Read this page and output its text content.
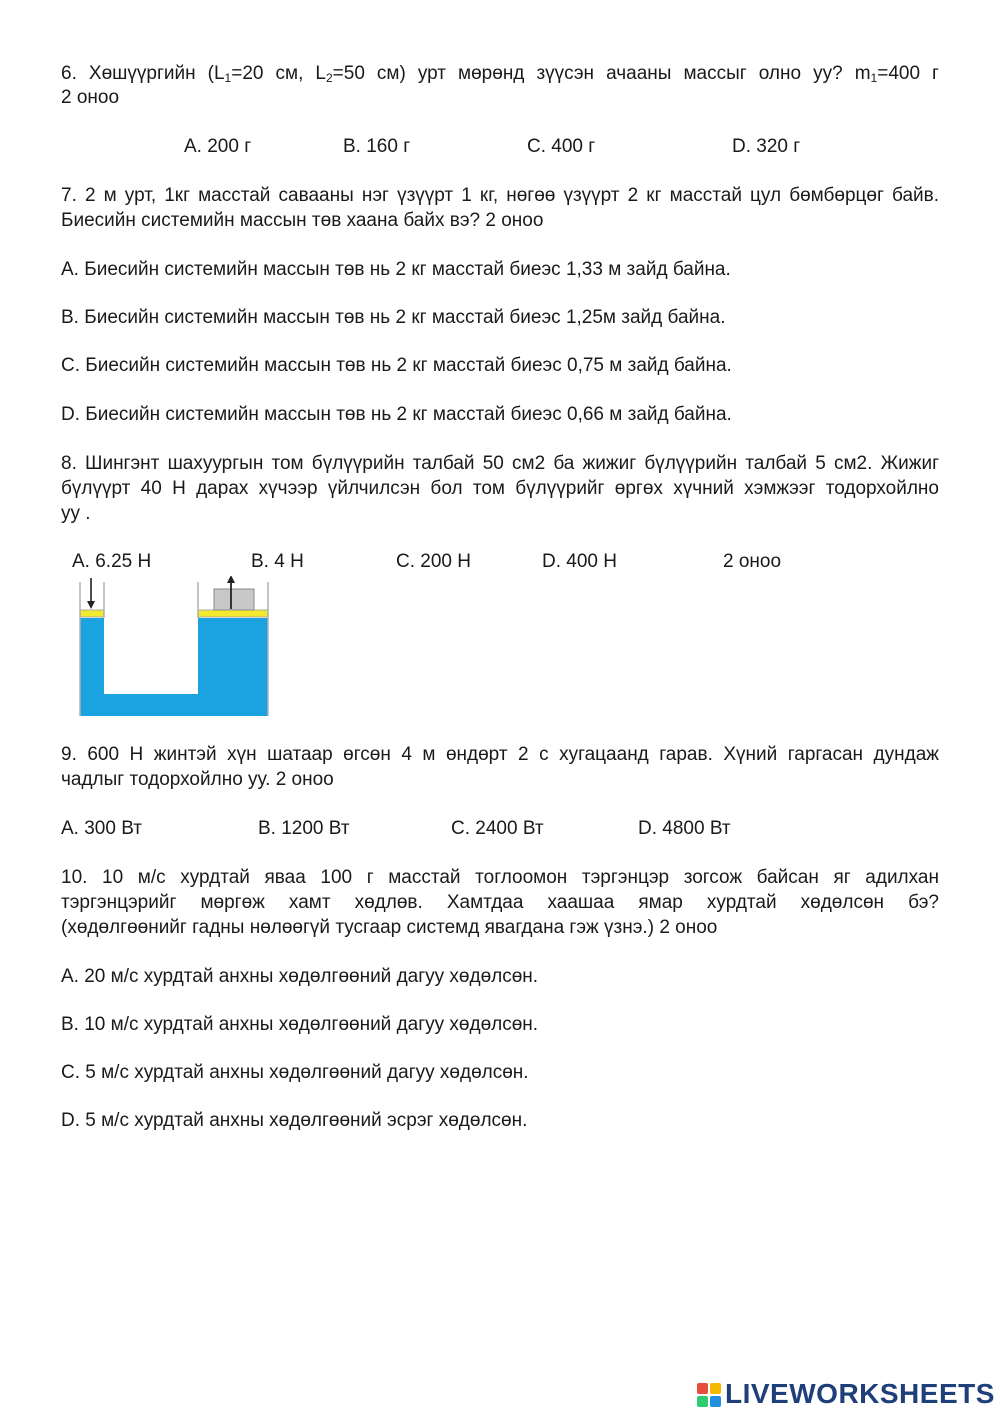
6. Хөшүүргийн ($L_1=20$ см, $L_2=50$ см) урт мөрөнд зүүсэн ачааны массыг олно уу? $m_1=400$ г
2 оноо
A. 200 г	B. 160 г	C. 400 г	D. 320 г
7. 2 м урт, 1кг масстай савааны нэг үзүүрт 1 кг, нөгөө үзүүрт 2 кг масстай цул бөмбөрцөг байв.
Биесийн системийн массын төв хаана байх вэ? 2 оноо
A. Биесийн системийн массын төв нь 2 кг масстай биеэс 1,33 м зайд байна.
B. Биесийн системийн массын төв нь 2 кг масстай биеэс 1,25м зайд байна.
C. Биесийн системийн массын төв нь 2 кг масстай биеэс 0,75 м зайд байна.
D. Биесийн системийн массын төв нь 2 кг масстай биеэс 0,66 м зайд байна.
8. Шингэнт шахуургын том бүлүүрийн талбай 50 см2 ба жижиг бүлүүрийн талбай 5 см2. Жижиг
бүлүүрт 40 Н дарах хүчээр үйлчилсэн бол том бүлүүрийг өргөх хүчний хэмжээг тодорхойлно
уу .
A. 6.25 Н	B. 4 Н	C. 200 Н	D. 400 Н	2 оноо
9. 600 Н жинтэй хүн шатаар өгсөн 4 м өндөрт 2 с хугацаанд гарав. Хүний гаргасан дундаж
чадлыг тодорхойлно уу. 2 оноо
A. 300 Вт	B. 1200 Вт	C. 2400 Вт	D. 4800 Вт
10. 10 м/с хурдтай яваа 100 г масстай тоглоомон тэргэнцэр зогсож байсан яг адилхан
тэргэнцэрийг мөргөж хамт хөдлөв. Хамтдаа хаашаа ямар хурдтай хөдөлсөн бэ?
(хөдөлгөөнийг гадны нөлөөгүй тусгаар системд явагдана гэж үзнэ.) 2 оноо
A. 20 м/с хурдтай анхны хөдөлгөөний дагуу хөдөлсөн.
B. 10 м/с хурдтай анхны хөдөлгөөний дагуу хөдөлсөн.
C. 5 м/с хурдтай анхны хөдөлгөөний дагуу хөдөлсөн.
D. 5 м/с хурдтай анхны хөдөлгөөний эсрэг хөдөлсөн.
LIVEWORKSHEETS
